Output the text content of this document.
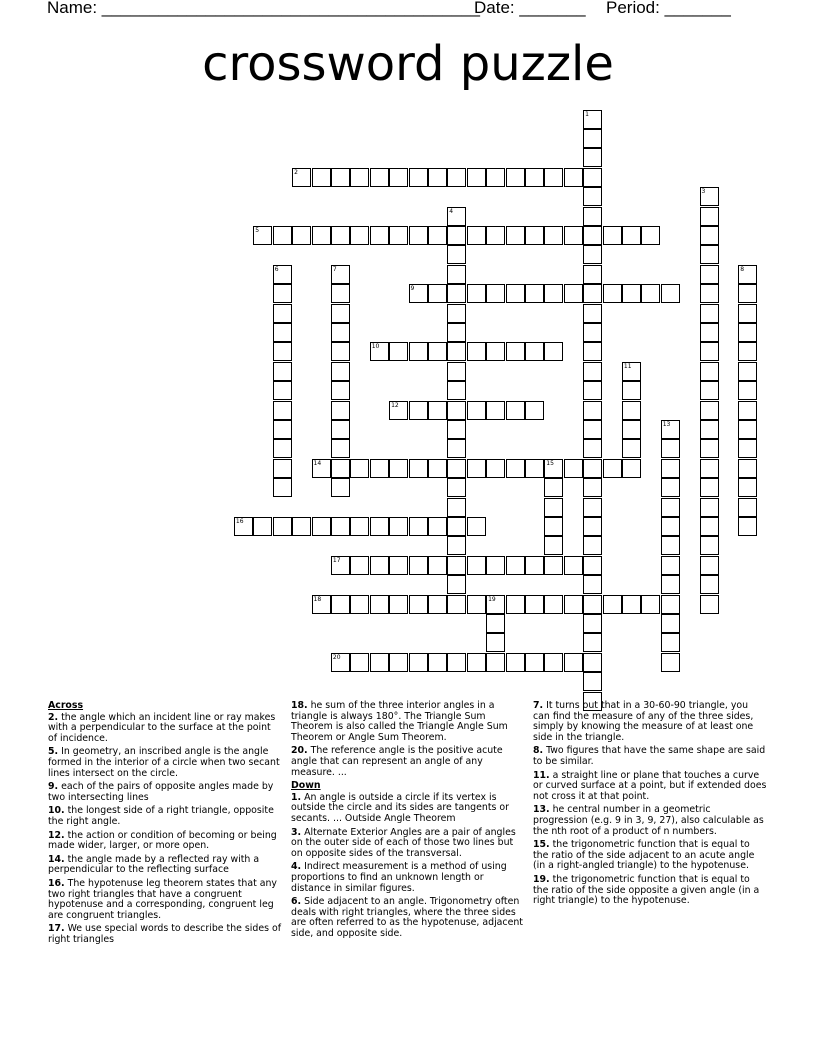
Name: ________________________________________
Date: _______ Period: _______
crossword puzzle
1
2
3
4
5
6	7	8
9
10
11
12
13
14	15
16
17
18	19
20

Across

2. the angle which an incident line or ray makes with a perpendicular to the surface at the point of incidence.

5. In geometry, an inscribed angle is the angle formed in the interior of a circle when two secant lines intersect on the circle.

9. each of the pairs of opposite angles made by two intersecting lines

10. the longest side of a right triangle, opposite the right angle.

12. the action or condition of becoming or being made wider, larger, or more open.

14. the angle made by a reflected ray with a perpendicular to the reflecting surface

16. The hypotenuse leg theorem states that any two right triangles that have a congruent hypotenuse and a corresponding, congruent leg are congruent triangles.

17. We use special words to describe the sides of right triangles

18. he sum of the three interior angles in a triangle is always 180°. The Triangle Sum Theorem is also called the Triangle Angle Sum Theorem or Angle Sum Theorem.

20. The reference angle is the positive acute angle that can represent an angle of any measure. ...

Down

1. An angle is outside a circle if its vertex is outside the circle and its sides are tangents or secants. ... Outside Angle Theorem

3. Alternate Exterior Angles are a pair of angles on the outer side of each of those two lines but on opposite sides of the transversal.

4. Indirect measurement is a method of using proportions to find an unknown length or distance in similar figures.

6. Side adjacent to an angle. Trigonometry often deals with right triangles, where the three sides are often referred to as the hypotenuse, adjacent side, and opposite side.

7. It turns out that in a 30-60-90 triangle, you can find the measure of any of the three sides, simply by knowing the measure of at least one side in the triangle.

8. Two figures that have the same shape are said to be similar.

11. a straight line or plane that touches a curve or curved surface at a point, but if extended does not cross it at that point.

13. he central number in a geometric progression (e.g. 9 in 3, 9, 27), also calculable as the nth root of a product of n numbers.

15. the trigonometric function that is equal to the ratio of the side adjacent to an acute angle (in a right-angled triangle) to the hypotenuse.

19. the trigonometric function that is equal to the ratio of the side opposite a given angle (in a right triangle) to the hypotenuse.
